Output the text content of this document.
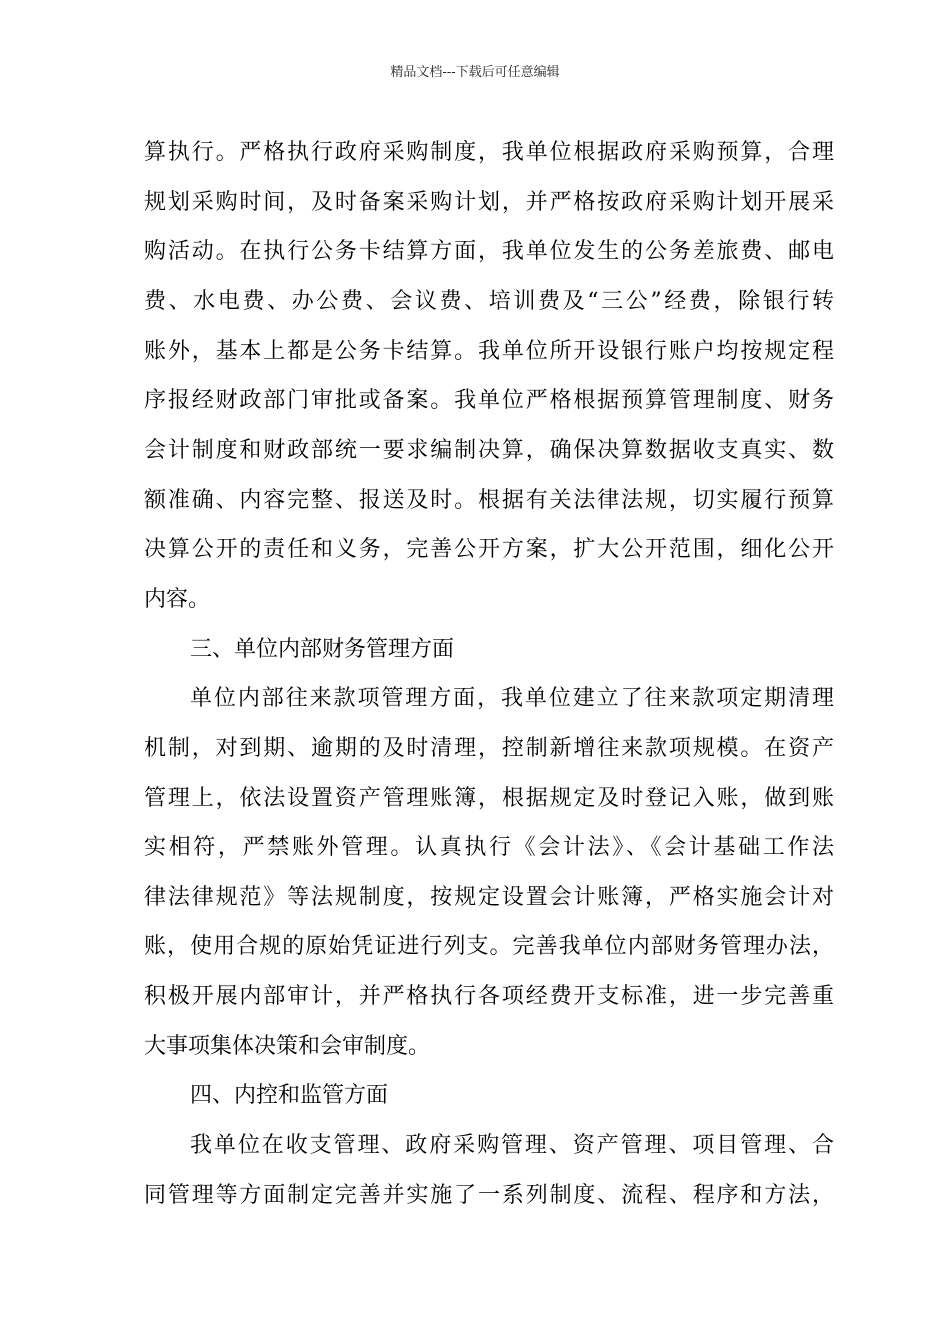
精品文档---下载后可任意编辑
算执行。严格执行政府采购制度，我单位根据政府采购预算，合理
规划采购时间，及时备案采购计划，并严格按政府采购计划开展采
购活动。在执行公务卡结算方面，我单位发生的公务差旅费、邮电
费、水电费、办公费、会议费、培训费及“三公”经费，除银行转
账外，基本上都是公务卡结算。我单位所开设银行账户均按规定程
序报经财政部门审批或备案。我单位严格根据预算管理制度、财务
会计制度和财政部统一要求编制决算，确保决算数据收支真实、数
额准确、内容完整、报送及时。根据有关法律法规，切实履行预算
决算公开的责任和义务，完善公开方案，扩大公开范围，细化公开
内容。
三、单位内部财务管理方面
单位内部往来款项管理方面，我单位建立了往来款项定期清理
机制，对到期、逾期的及时清理，控制新增往来款项规模。在资产
管理上，依法设置资产管理账簿，根据规定及时登记入账，做到账
实相符，严禁账外管理。认真执行《会计法》、《会计基础工作法
律法律规范》等法规制度，按规定设置会计账簿，严格实施会计对
账，使用合规的原始凭证进行列支。完善我单位内部财务管理办法，
积极开展内部审计，并严格执行各项经费开支标准，进一步完善重
大事项集体决策和会审制度。
四、内控和监管方面
我单位在收支管理、政府采购管理、资产管理、项目管理、合
同管理等方面制定完善并实施了一系列制度、流程、程序和方法，
